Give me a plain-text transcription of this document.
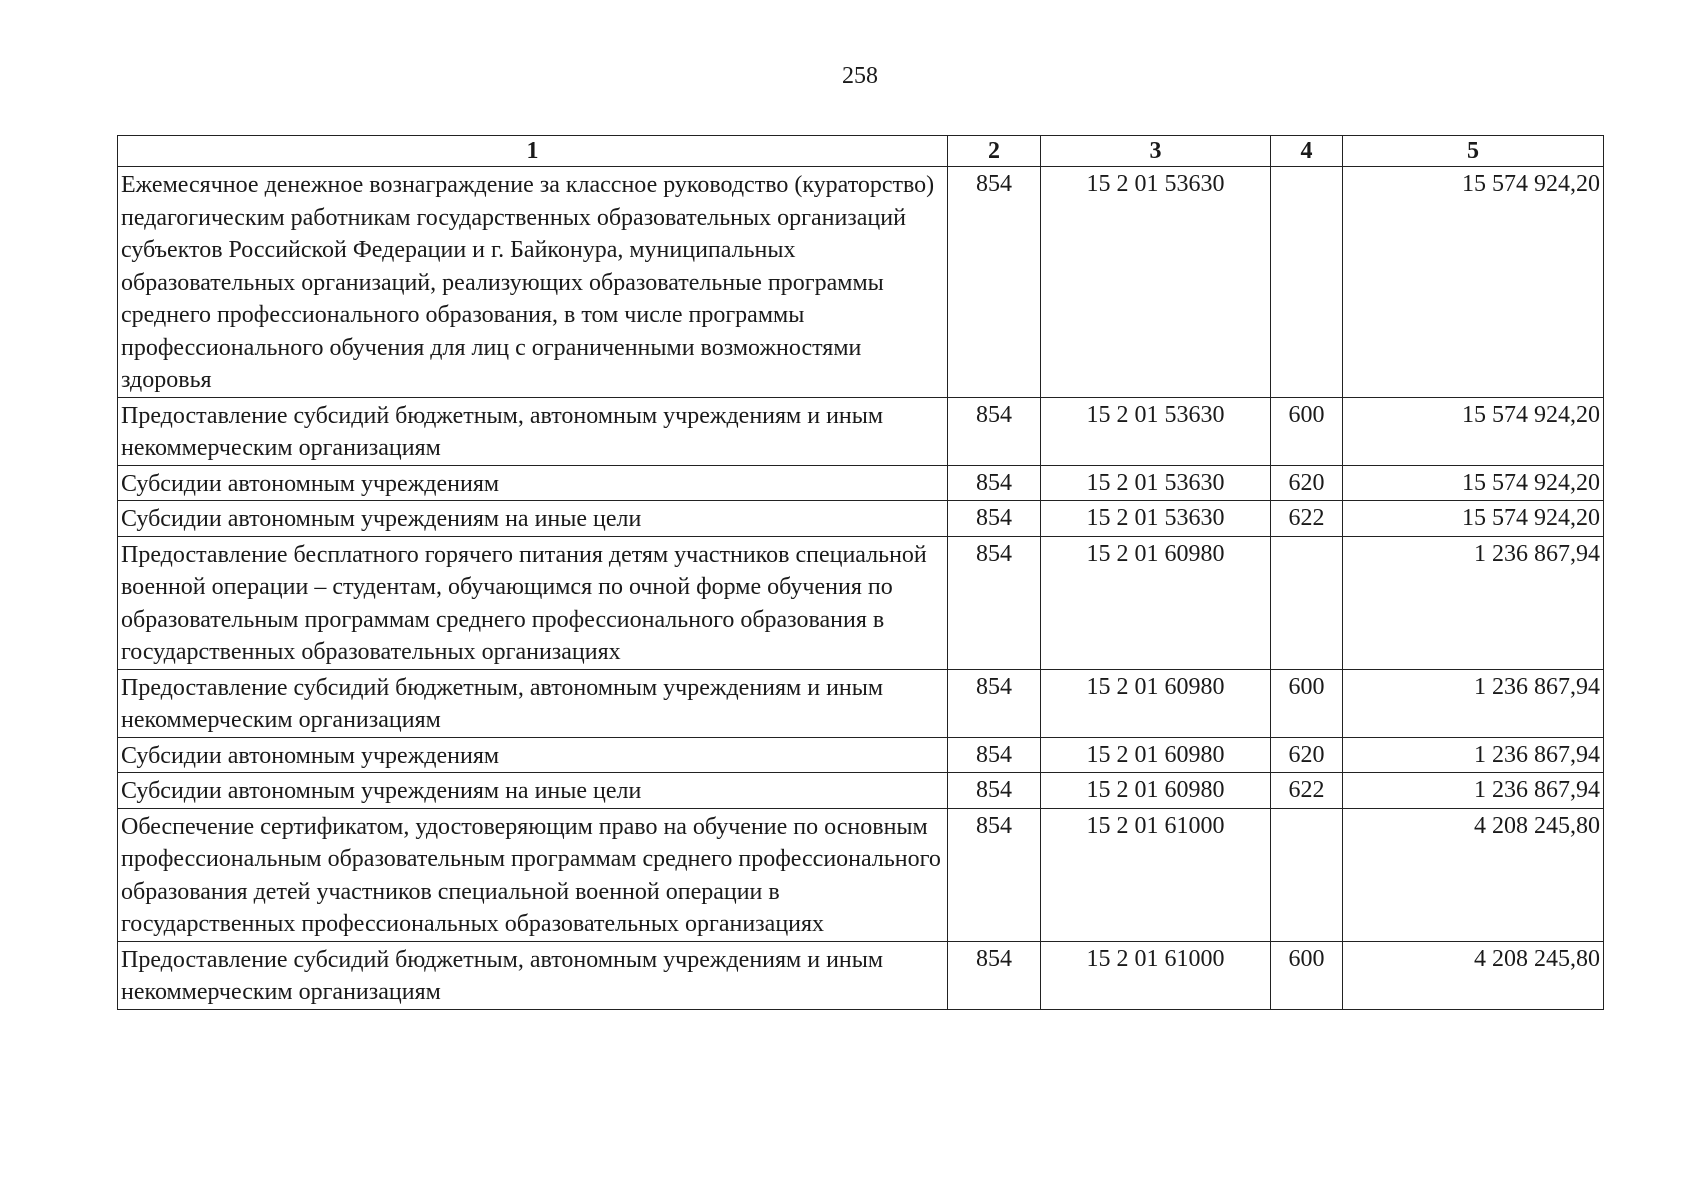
258
1	2	3	4	5
Ежемесячное денежное вознаграждение за классное руководство (кураторство) педагогическим работникам государственных образовательных организаций субъектов Российской Федерации и г. Байконура, муниципальных образовательных организаций, реализующих образовательные программы среднего профессионального образования, в том числе программы профессионального обучения для лиц с ограниченными возможностями здоровья	854	15 2 01 53630		15 574 924,20
Предоставление субсидий бюджетным, автономным учреждениям и иным некоммерческим организациям	854	15 2 01 53630	600	15 574 924,20
Субсидии автономным учреждениям	854	15 2 01 53630	620	15 574 924,20
Субсидии автономным учреждениям на иные цели	854	15 2 01 53630	622	15 574 924,20
Предоставление бесплатного горячего питания детям участников специальной военной операции – студентам, обучающимся по очной форме обучения по образовательным программам среднего профессионального образования в государственных образовательных организациях	854	15 2 01 60980		1 236 867,94
Предоставление субсидий бюджетным, автономным учреждениям и иным некоммерческим организациям	854	15 2 01 60980	600	1 236 867,94
Субсидии автономным учреждениям	854	15 2 01 60980	620	1 236 867,94
Субсидии автономным учреждениям на иные цели	854	15 2 01 60980	622	1 236 867,94
Обеспечение сертификатом, удостоверяющим право на обучение по основным профессиональным образовательным программам среднего профессионального образования детей участников специальной военной операции в государственных профессиональных образовательных организациях	854	15 2 01 61000		4 208 245,80
Предоставление субсидий бюджетным, автономным учреждениям и иным некоммерческим организациям	854	15 2 01 61000	600	4 208 245,80
